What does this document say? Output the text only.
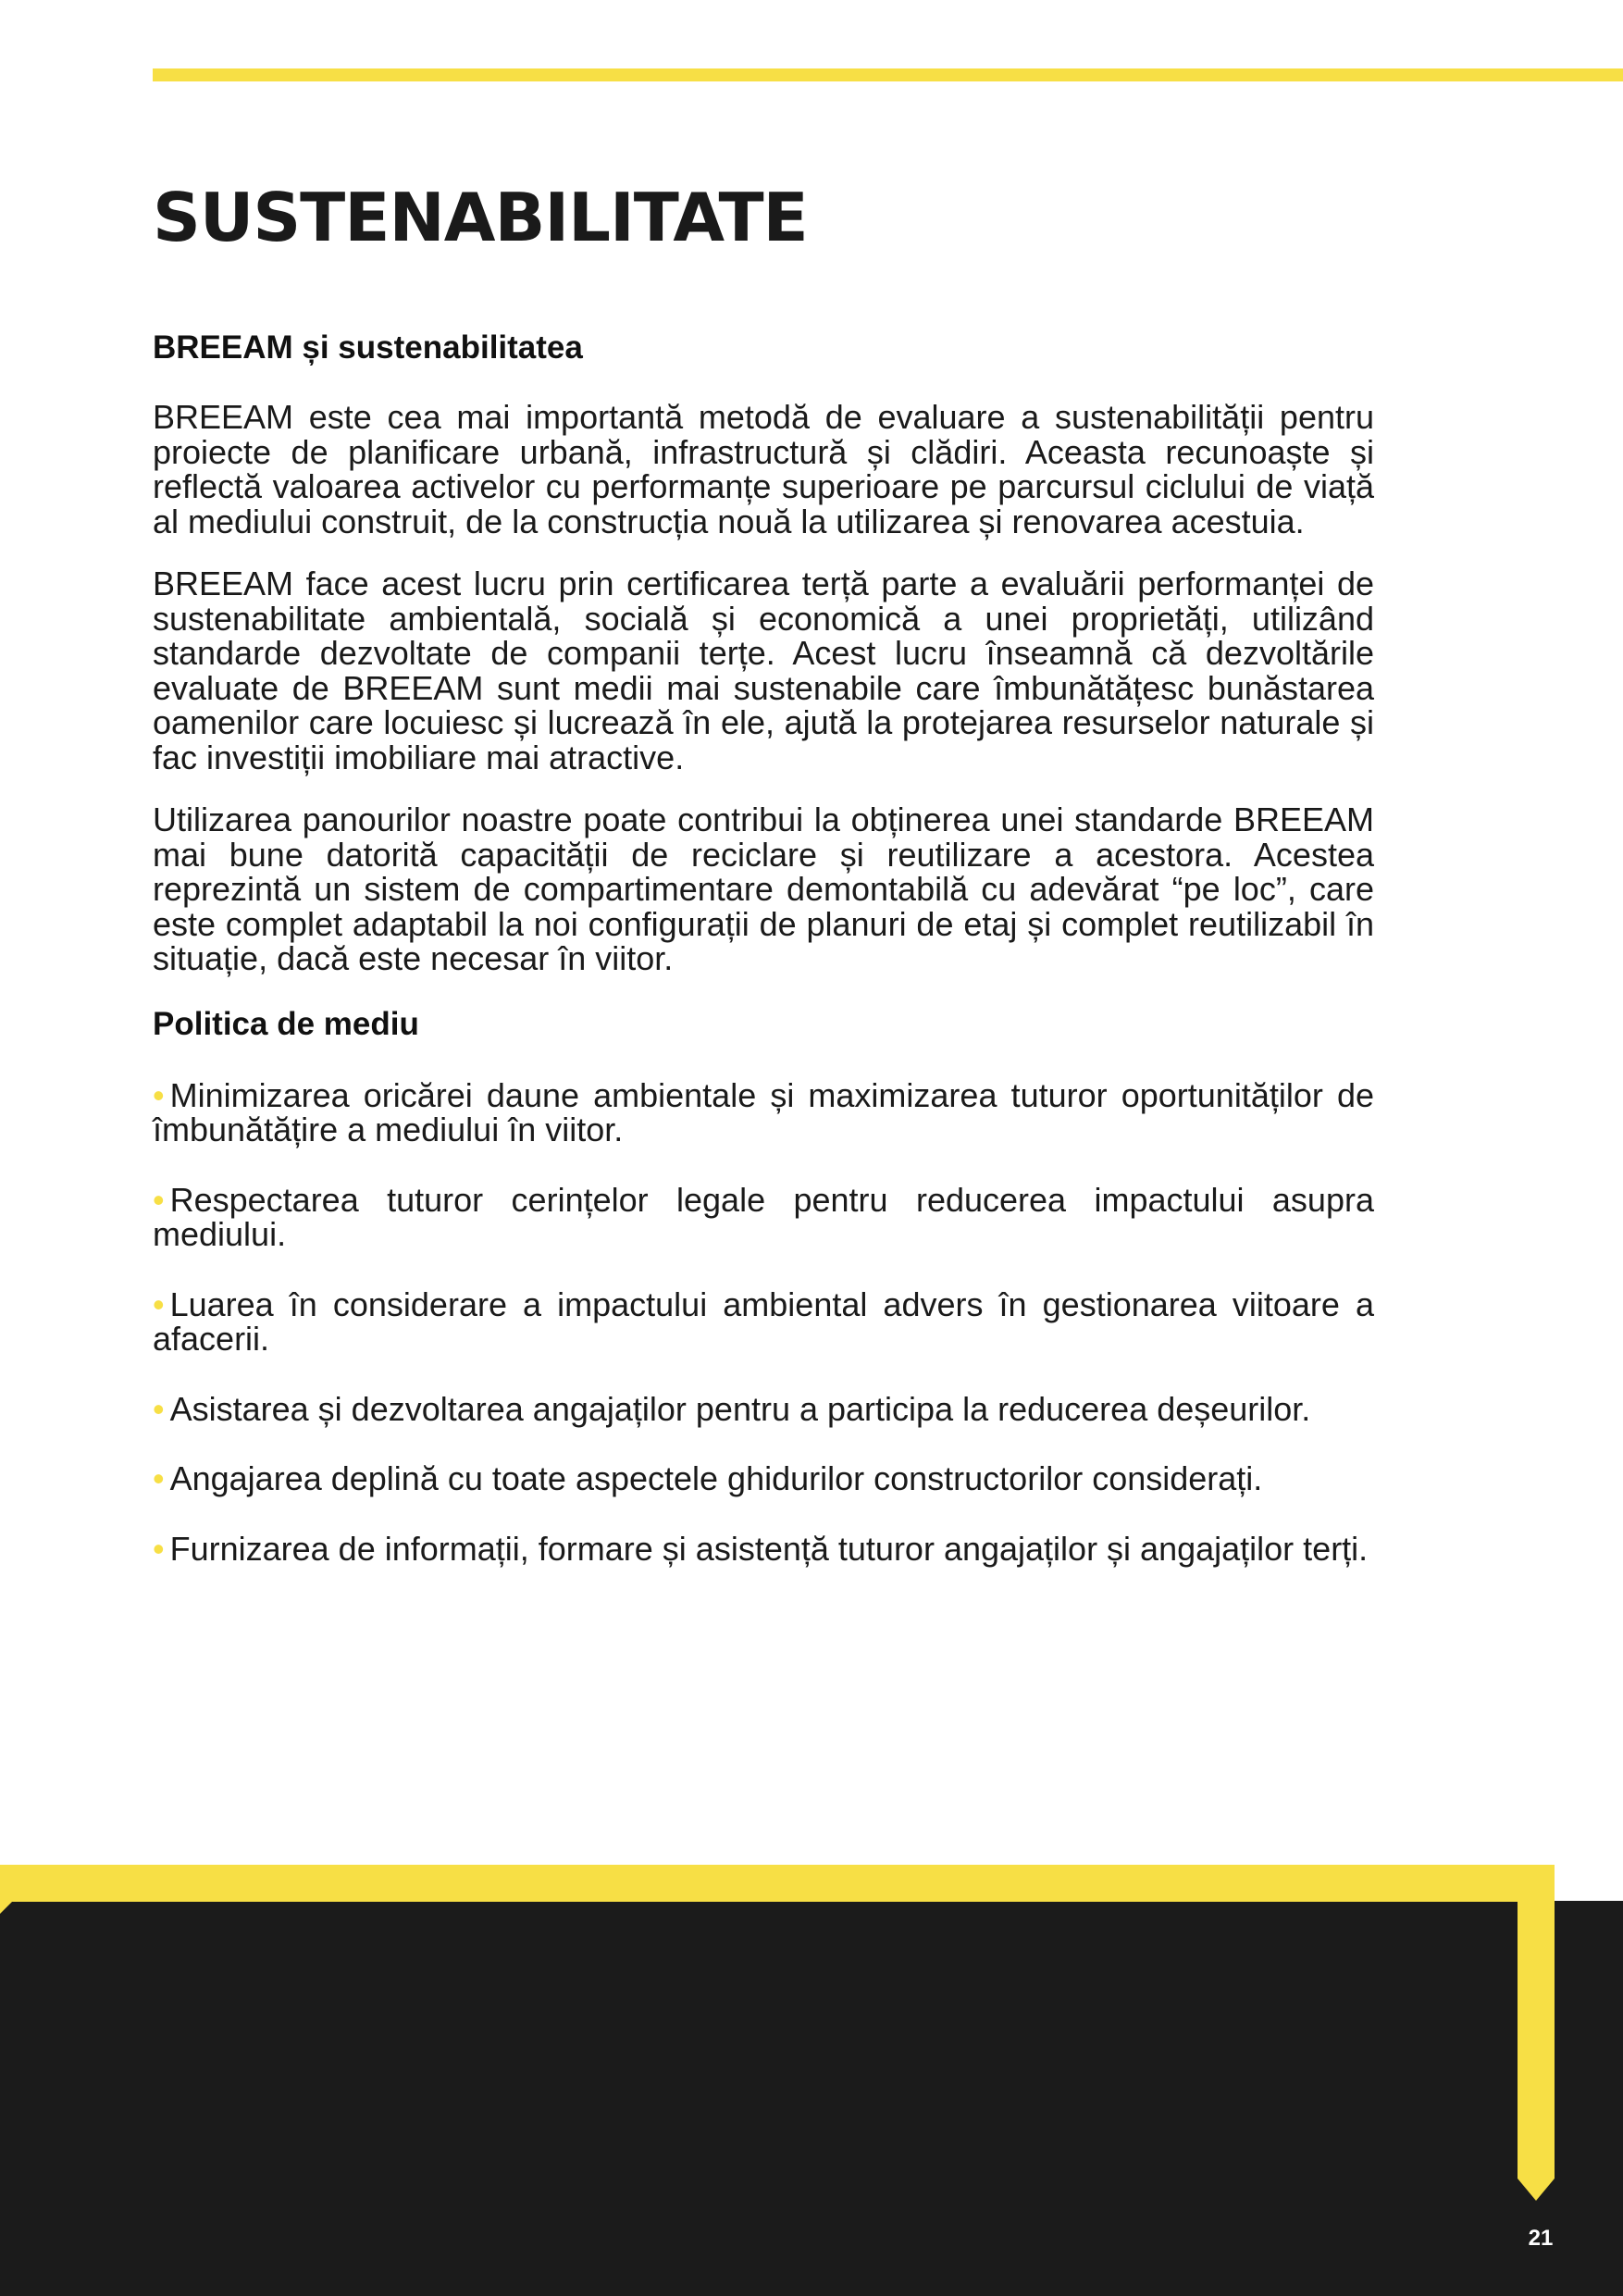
SUSTENABILITATE
BREEAM și sustenabilitatea

BREEAM este cea mai importantă metodă de evaluare a sustenabilității pentru proiecte de planificare urbană, infrastructură și clădiri. Aceasta recunoaște și reflectă valoarea activelor cu performanțe superioare pe parcursul ciclului de viață al mediului construit, de la construcția nouă la utilizarea și renovarea acestuia.

BREEAM face acest lucru prin certificarea terță parte a evaluării performanței de sustenabilitate ambientală, socială și economică a unei proprietăți, utilizând standarde dezvoltate de companii terțe. Acest lucru înseamnă că dezvoltările evaluate de BREEAM sunt medii mai sustenabile care îmbunătățesc bunăstarea oamenilor care locuiesc și lucrează în ele, ajută la protejarea resurselor naturale și fac investiții imobiliare mai atractive.

Utilizarea panourilor noastre poate contribui la obținerea unei standarde BREEAM mai bune datorită capacității de reciclare și reutilizare a acestora. Acestea reprezintă un sistem de compartimentare demontabilă cu adevărat “pe loc”, care este complet adaptabil la noi configurații de planuri de etaj și complet reutilizabil în situație, dacă este necesar în viitor.

Politica de mediu
• Minimizarea oricărei daune ambientale și maximizarea tuturor oportunităților de îmbunătățire a mediului în viitor.
• Respectarea tuturor cerințelor legale pentru reducerea impactului asupra mediului.
• Luarea în considerare a impactului ambiental advers în gestionarea viitoare a afacerii.
• Asistarea și dezvoltarea angajaților pentru a participa la reducerea deșeurilor.
• Angajarea deplină cu toate aspectele ghidurilor constructorilor considerați.
• Furnizarea de informații, formare și asistență tuturor angajaților și angajaților terți.
21
